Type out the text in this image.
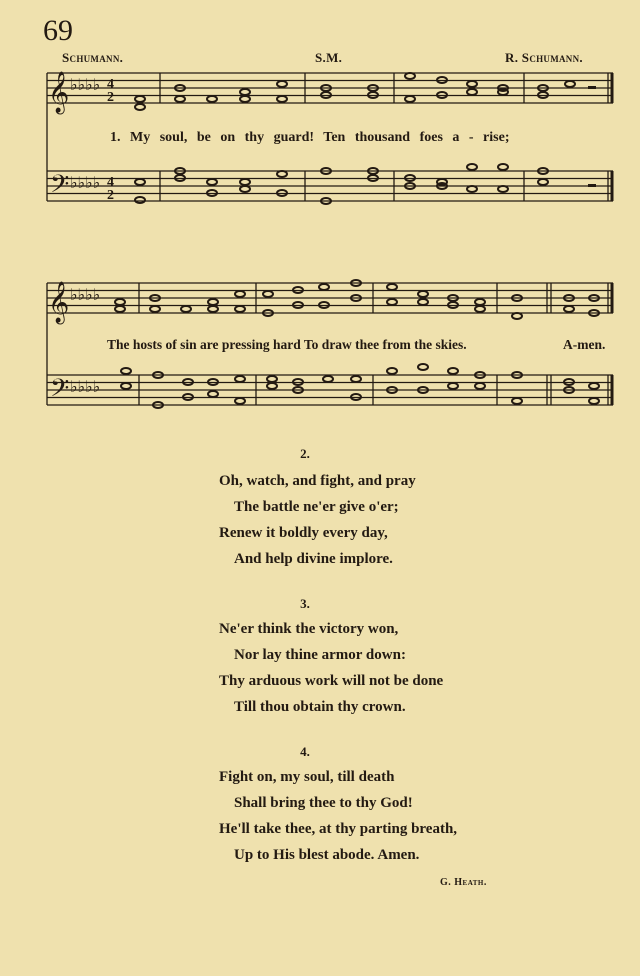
69
Schumann.	S.M.	R. Schumann.
𝄞
𝄢
♭♭♭♭
♭♭♭♭
4
2
4
2
1. My soul, be on thy guard! Ten thousand foes a - rise;
𝄞
𝄢
♭♭♭♭
♭♭♭♭
The hosts of sin are pressing hard To draw thee from the skies.	A-men.
2.
Oh, watch, and fight, and pray
The battle ne'er give o'er;
Renew it boldly every day,
And help divine implore.
3.
Ne'er think the victory won,
Nor lay thine armor down:
Thy arduous work will not be done
Till thou obtain thy crown.
4.
Fight on, my soul, till death
Shall bring thee to thy God!
He'll take thee, at thy parting breath,
Up to His blest abode. Amen.
G. Heath.
